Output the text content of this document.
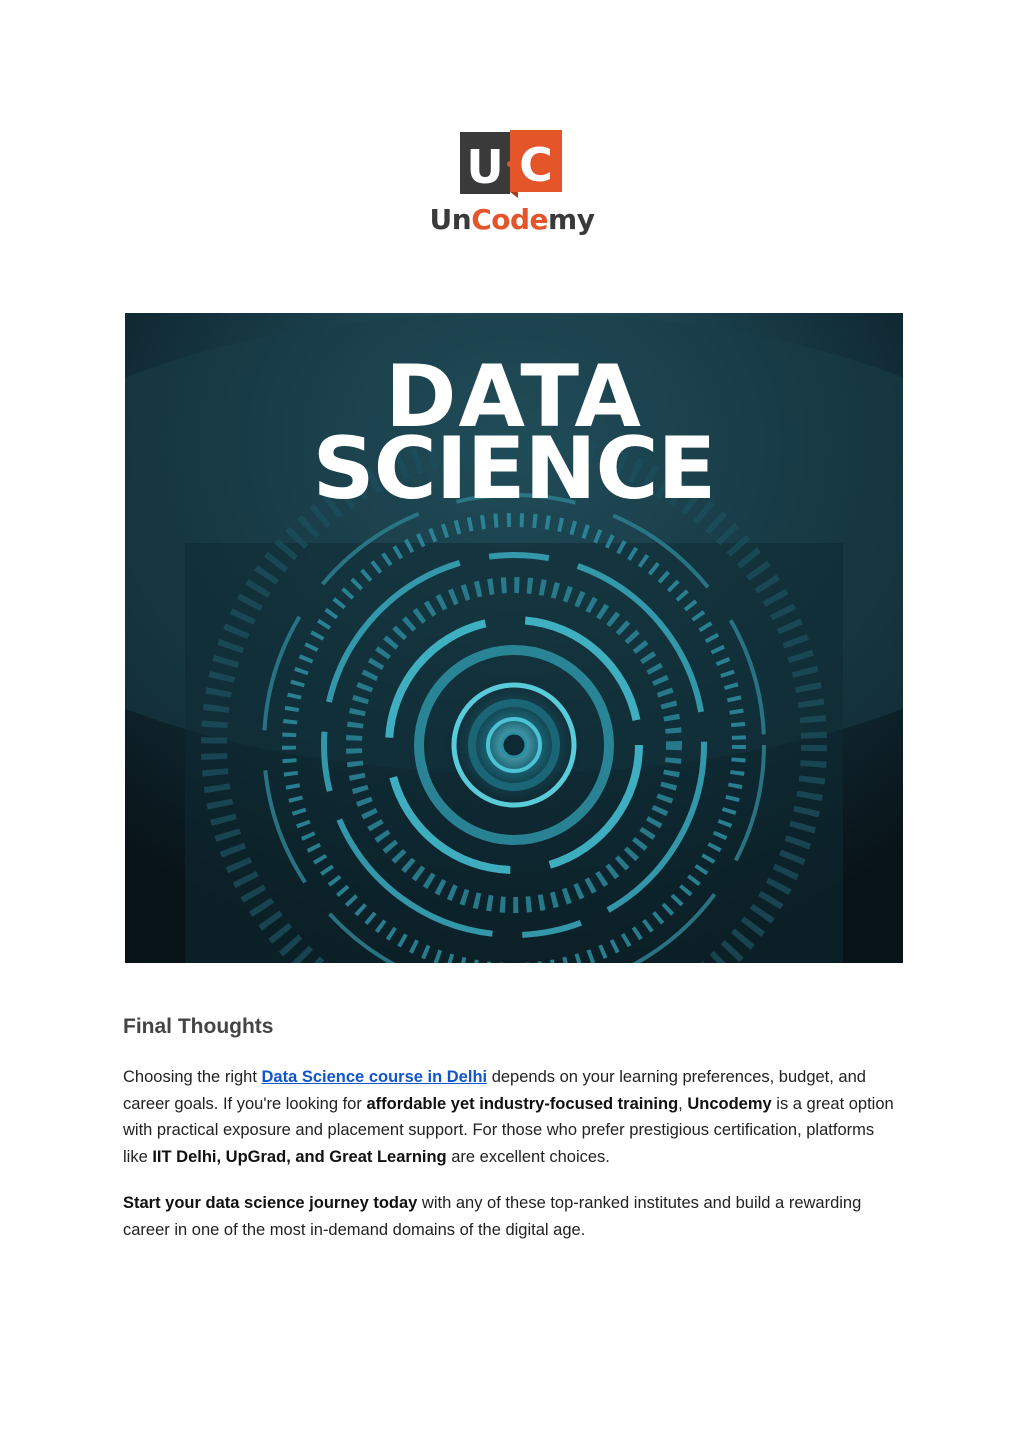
U C
UnCodemy
DATA
SCIENCE
Final Thoughts

Choosing the right Data Science course in Delhi depends on your learning preferences, budget, and career goals. If you're looking for affordable yet industry-focused training, Uncodemy is a great option with practical exposure and placement support. For those who prefer prestigious certification, platforms like IIT Delhi, UpGrad, and Great Learning are excellent choices.

Start your data science journey today with any of these top-ranked institutes and build a rewarding career in one of the most in-demand domains of the digital age.
